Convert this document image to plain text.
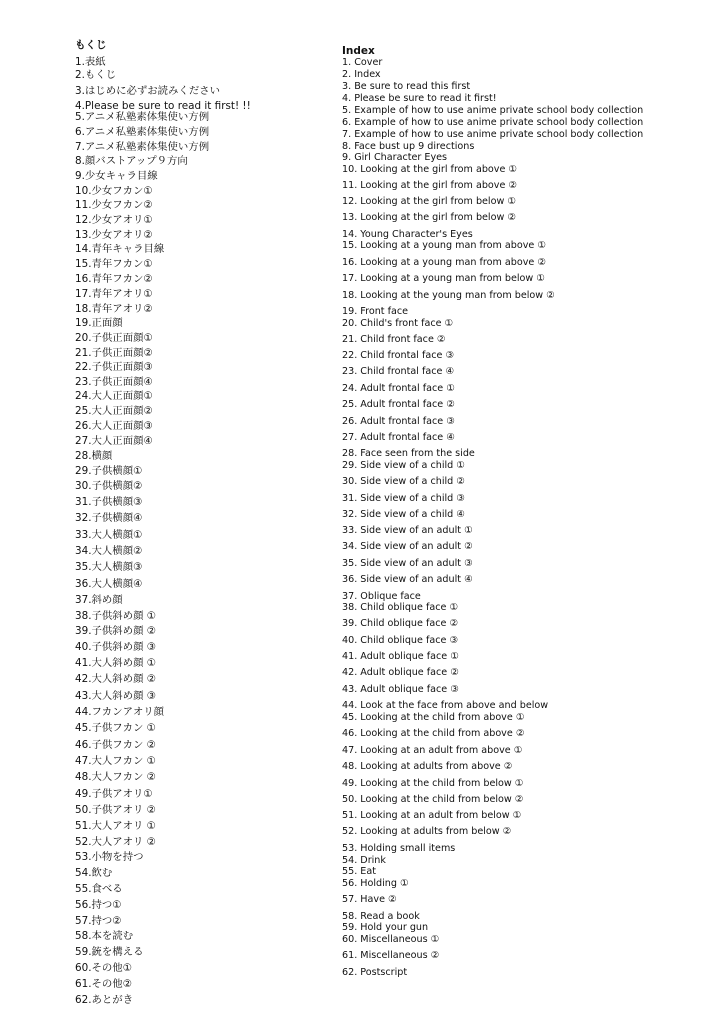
もくじ
1.表紙
2.もくじ
3.はじめに必ずお読みください
4.Please be sure to read it first! !!
5.アニメ私塾素体集使い方例
6.アニメ私塾素体集使い方例
7.アニメ私塾素体集使い方例
8.顔バストアップ９方向
9.少女キャラ目線
10.少女フカン①
11.少女フカン②
12.少女アオリ①
13.少女アオリ②
14.青年キャラ目線
15.青年フカン①
16.青年フカン②
17.青年アオリ①
18.青年アオリ②
19.正面顔
20.子供正面顔①
21.子供正面顔②
22.子供正面顔③
23.子供正面顔④
24.大人正面顔①
25.大人正面顔②
26.大人正面顔③
27.大人正面顔④
28.横顔
29.子供横顔①
30.子供横顔②
31.子供横顔③
32.子供横顔④
33.大人横顔①
34.大人横顔②
35.大人横顔③
36.大人横顔④
37.斜め顔
38.子供斜め顔 ①
39.子供斜め顔 ②
40.子供斜め顔 ③
41.大人斜め顔 ①
42.大人斜め顔 ②
43.大人斜め顔 ③
44.フカンアオリ顔
45.子供フカン ①
46.子供フカン ②
47.大人フカン ①
48.大人フカン ②
49.子供アオリ①
50.子供アオリ ②
51.大人アオリ ①
52.大人アオリ ②
53.小物を持つ
54.飲む
55.食べる
56.持つ①
57.持つ②
58.本を読む
59.銃を構える
60.その他①
61.その他②
62.あとがき
Index
1. Cover
2. Index
3. Be sure to read this first
4. Please be sure to read it first!
5. Example of how to use anime private school body collection
6. Example of how to use anime private school body collection
7. Example of how to use anime private school body collection
8. Face bust up 9 directions
9. Girl Character Eyes
10. Looking at the girl from above ①
11. Looking at the girl from above ②
12. Looking at the girl from below ①
13. Looking at the girl from below ②
14. Young Character's Eyes
15. Looking at a young man from above ①
16. Looking at a young man from above ②
17. Looking at a young man from below ①
18. Looking at the young man from below ②
19. Front face
20. Child's front face ①
21. Child front face ②
22. Child frontal face ③
23. Child frontal face ④
24. Adult frontal face ①
25. Adult frontal face ②
26. Adult frontal face ③
27. Adult frontal face ④
28. Face seen from the side
29. Side view of a child ①
30. Side view of a child ②
31. Side view of a child ③
32. Side view of a child ④
33. Side view of an adult ①
34. Side view of an adult ②
35. Side view of an adult ③
36. Side view of an adult ④
37. Oblique face
38. Child oblique face ①
39. Child oblique face ②
40. Child oblique face ③
41. Adult oblique face ①
42. Adult oblique face ②
43. Adult oblique face ③
44. Look at the face from above and below
45. Looking at the child from above ①
46. Looking at the child from above ②
47. Looking at an adult from above ①
48. Looking at adults from above ②
49. Looking at the child from below ①
50. Looking at the child from below ②
51. Looking at an adult from below ①
52. Looking at adults from below ②
53. Holding small items
54. Drink
55. Eat
56. Holding ①
57. Have ②
58. Read a book
59. Hold your gun
60. Miscellaneous ①
61. Miscellaneous ②
62. Postscript
